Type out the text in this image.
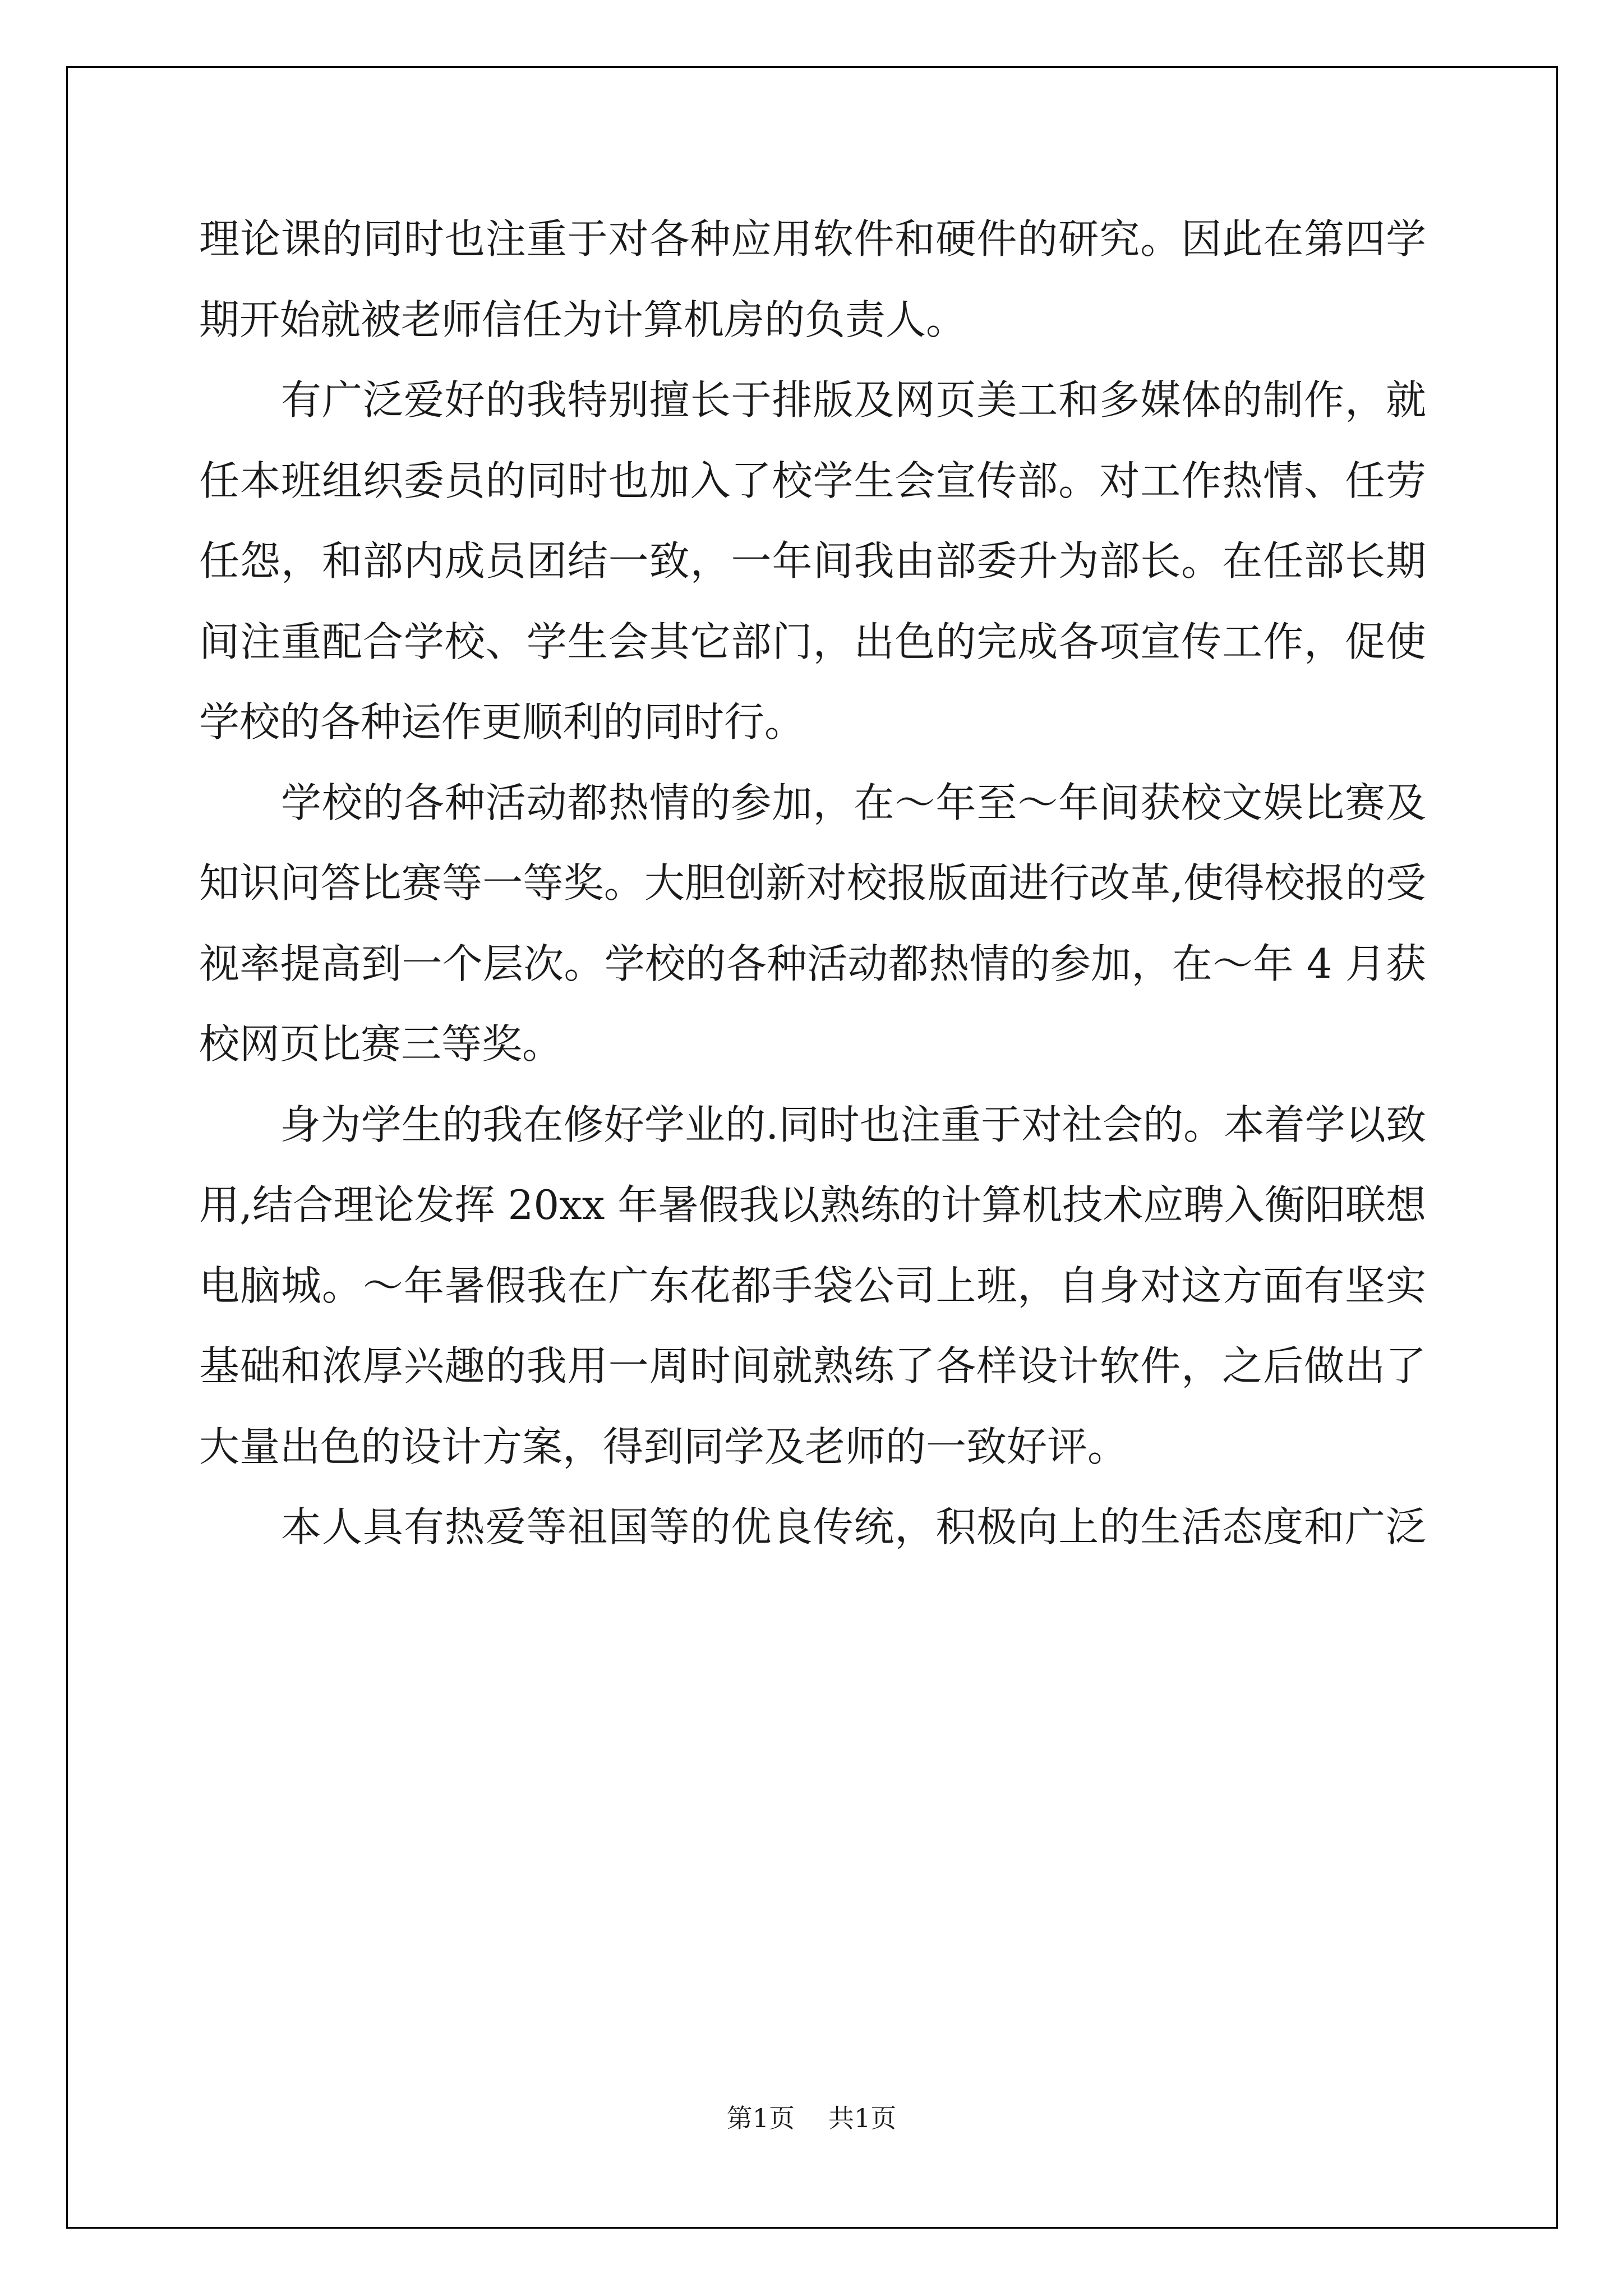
理论课的同时也注重于对各种应用软件和硬件的研究。因此在第四学
期开始就被老师信任为计算机房的负责人。
　　有广泛爱好的我特别擅长于排版及网页美工和多媒体的制作，就
任本班组织委员的同时也加入了校学生会宣传部。对工作热情、任劳
任怨，和部内成员团结一致，一年间我由部委升为部长。在任部长期
间注重配合学校、学生会其它部门，出色的完成各项宣传工作，促使
学校的各种运作更顺利的同时行。
　　学校的各种活动都热情的参加，在～年至～年间获校文娱比赛及
知识问答比赛等一等奖。大胆创新对校报版面进行改革,使得校报的受
视率提高到一个层次。学校的各种活动都热情的参加，在～年 4 月获
校网页比赛三等奖。
　　身为学生的我在修好学业的.同时也注重于对社会的。本着学以致
用,结合理论发挥 20xx 年暑假我以熟练的计算机技术应聘入衡阳联想
电脑城。～年暑假我在广东花都手袋公司上班，自身对这方面有坚实
基础和浓厚兴趣的我用一周时间就熟练了各样设计软件，之后做出了
大量出色的设计方案，得到同学及老师的一致好评。
　　本人具有热爱等祖国等的优良传统，积极向上的生活态度和广泛
第1页 共1页
